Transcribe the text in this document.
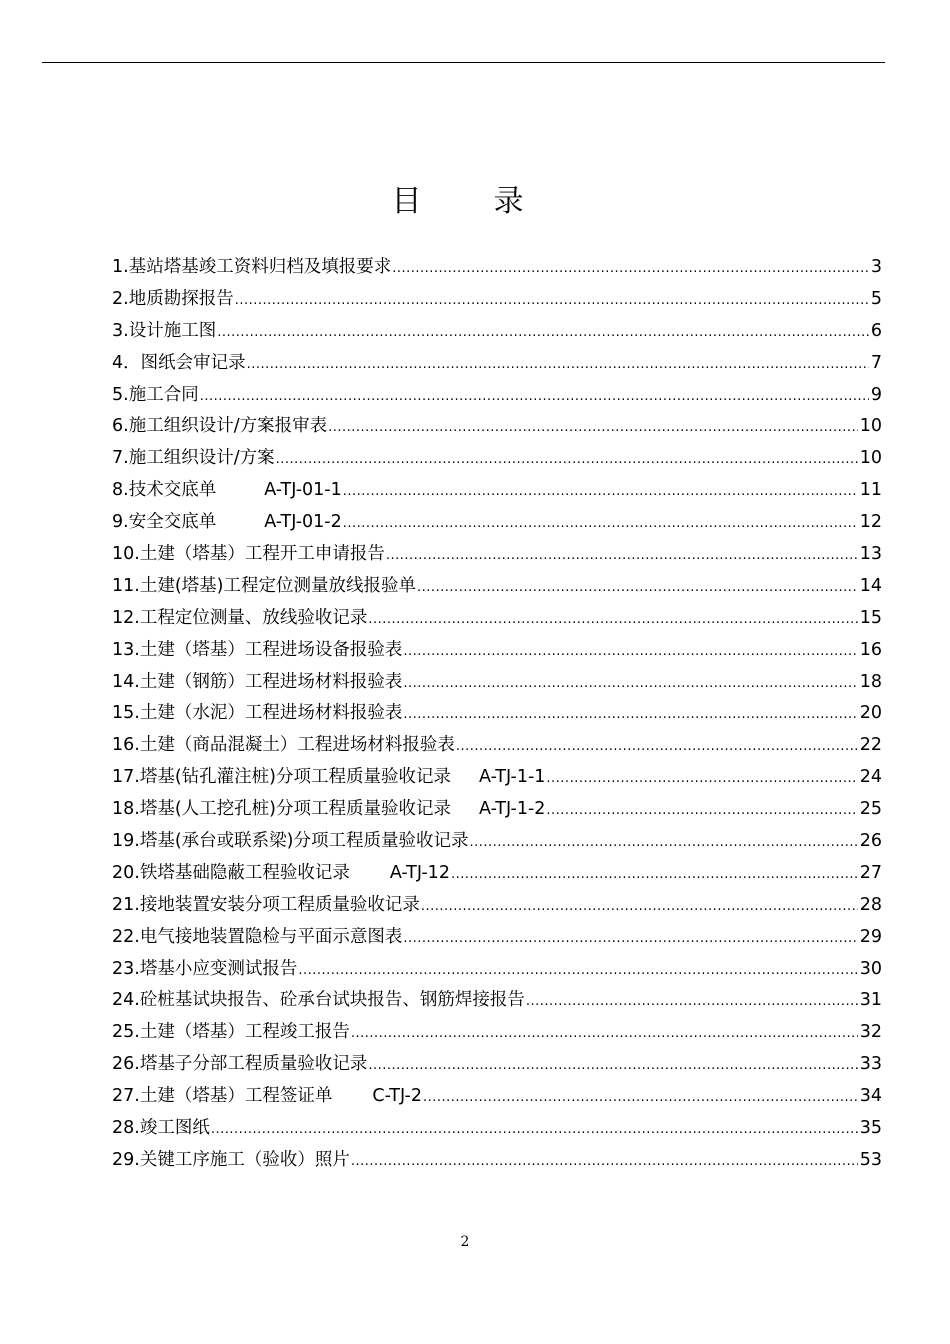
目 录
1.基站塔基竣工资料归档及填报要求 .....	3
2.地质勘探报告 .....	5
3.设计施工图 .....	6
4．图纸会审记录 .....	7
5.施工合同 .....	9
6.施工组织设计/方案报审表 .....	10
7.施工组织设计/方案 .....	10
8.技术交底单	A-TJ-01-1 .....	11
9.安全交底单	A-TJ-01-2 .....	12
10.土建（塔基）工程开工申请报告 .....	13
11.土建(塔基)工程定位测量放线报验单 .....	14
12.工程定位测量、放线验收记录 .....	15
13.土建（塔基）工程进场设备报验表 .....	16
14.土建（钢筋）工程进场材料报验表 .....	18
15.土建（水泥）工程进场材料报验表 .....	20
16.土建（商品混凝土）工程进场材料报验表 .....	22
17.塔基(钻孔灌注桩)分项工程质量验收记录 A-TJ-1-1 .....	24
18.塔基(人工挖孔桩)分项工程质量验收记录 A-TJ-1-2 .....	25
19.塔基(承台或联系梁)分项工程质量验收记录 .....	26
20.铁塔基础隐蔽工程验收记录 A-TJ-12 .....	27
21.接地装置安装分项工程质量验收记录 .....	28
22.电气接地装置隐检与平面示意图表 .....	29
23.塔基小应变测试报告 .....	30
24.砼桩基试块报告、砼承台试块报告、钢筋焊接报告 .....	31
25.土建（塔基）工程竣工报告 .....	32
26.塔基子分部工程质量验收记录 .....	33
27.土建（塔基）工程签证单 C-TJ-2 .....	34
28.竣工图纸 .....	35
29.关键工序施工（验收）照片 .....	53
2
